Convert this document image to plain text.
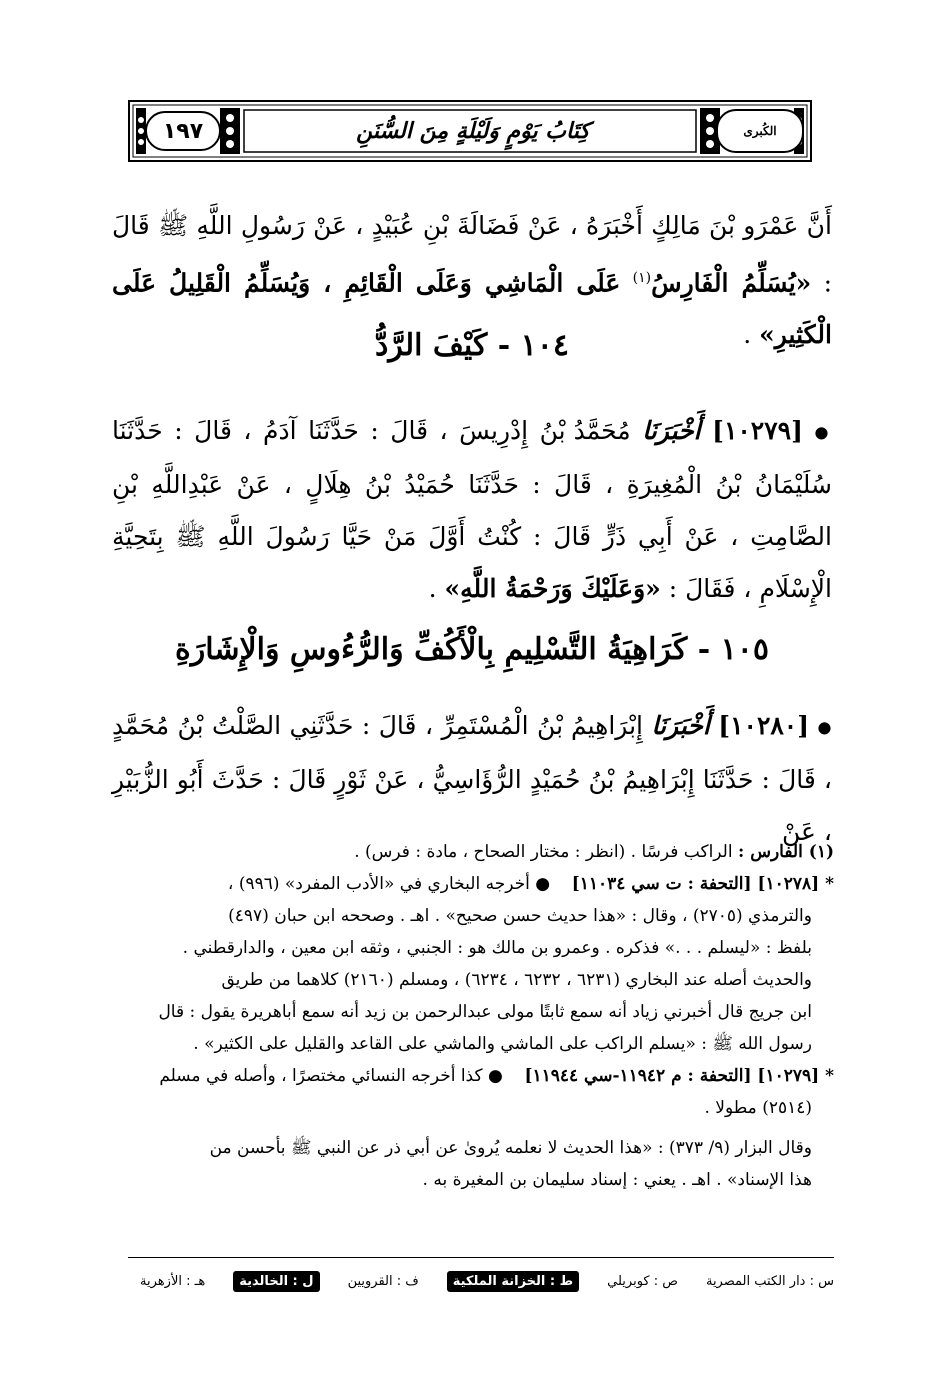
١٩٧	كِتَابُ يَوْمٍ وَلَيْلَةٍ مِنَ السُّنَنِ	الكُبرى
أَنَّ عَمْرَو بْنَ مَالِكٍ أَخْبَرَهُ ، عَنْ فَضَالَةَ بْنِ عُبَيْدٍ ، عَنْ رَسُولِ اللَّهِ ﷺ قَالَ : «يُسَلِّمُ الْفَارِسُ$^{(١)}$ عَلَى الْمَاشِي وَعَلَى الْقَائِمِ ، وَيُسَلِّمُ الْقَلِيلُ عَلَى الْكَثِيرِ» .
١٠٤ - كَيْفَ الرَّدُّ
● [١٠٢٧٩] أَخْبَرَنَا مُحَمَّدُ بْنُ إِدْرِيسَ ، قَالَ : حَدَّثَنَا آدَمُ ، قَالَ : حَدَّثَنَا سُلَيْمَانُ بْنُ الْمُغِيرَةِ ، قَالَ : حَدَّثَنَا حُمَيْدُ بْنُ هِلَالٍ ، عَنْ عَبْدِاللَّهِ بْنِ الصَّامِتِ ، عَنْ أَبِي ذَرٍّ قَالَ : كُنْتُ أَوَّلَ مَنْ حَيَّا رَسُولَ اللَّهِ ﷺ بِتَحِيَّةِ الْإِسْلَامِ ، فَقَالَ : «وَعَلَيْكَ وَرَحْمَةُ اللَّهِ» .
١٠٥ - كَرَاهِيَةُ التَّسْلِيمِ بِالْأَكُفِّ وَالرُّءُوسِ وَالْإِشَارَةِ
● [١٠٢٨٠] أَخْبَرَنَا إِبْرَاهِيمُ بْنُ الْمُسْتَمِرِّ ، قَالَ : حَدَّثَنِي الصَّلْتُ بْنُ مُحَمَّدٍ ، قَالَ : حَدَّثَنَا إِبْرَاهِيمُ بْنُ حُمَيْدٍ الرُّؤَاسِيُّ ، عَنْ ثَوْرٍ قَالَ : حَدَّثَ أَبُو الزُّبَيْرِ ، عَنْ

(١) الفارس : الراكب فرسًا . (انظر : مختار الصحاح ، مادة : فرس) .

* [١٠٢٧٨] [التحفة : ت سي ١١٠٣٤]    ● أخرجه البخاري في «الأدب المفرد» (٩٩٦) ،

والترمذي (٢٧٠٥) ، وقال : «هذا حديث حسن صحيح» . اهـ . وصححه ابن حبان (٤٩٧)

بلفظ : «ليسلم . . .» فذكره . وعمرو بن مالك هو : الجنبي ، وثقه ابن معين ، والدارقطني .

والحديث أصله عند البخاري (٦٢٣١ ، ٦٢٣٢ ، ٦٢٣٤) ، ومسلم (٢١٦٠) كلاهما من طريق

ابن جريج قال أخبرني زياد أنه سمع ثابتًا مولى عبدالرحمن بن زيد أنه سمع أباهريرة يقول : قال

رسول الله ﷺ : «يسلم الراكب على الماشي والماشي على القاعد والقليل على الكثير» .

* [١٠٢٧٩] [التحفة : م ١١٩٤٢-سي ١١٩٤٤]    ● كذا أخرجه النسائي مختصرًا ، وأصله في مسلم

(٢٥١٤) مطولا .

وقال البزار (٩/ ٣٧٣) : «هذا الحديث لا نعلمه يُروىٰ عن أبي ذر عن النبي ﷺ بأحسن من

هذا الإسناد» . اهـ . يعني : إسناد سليمان بن المغيرة به .

س : دار الكتب المصرية
ص : كوبريلي
ط : الخزانة الملكية
ف : القرويين
ل : الخالدية
هـ : الأزهرية
